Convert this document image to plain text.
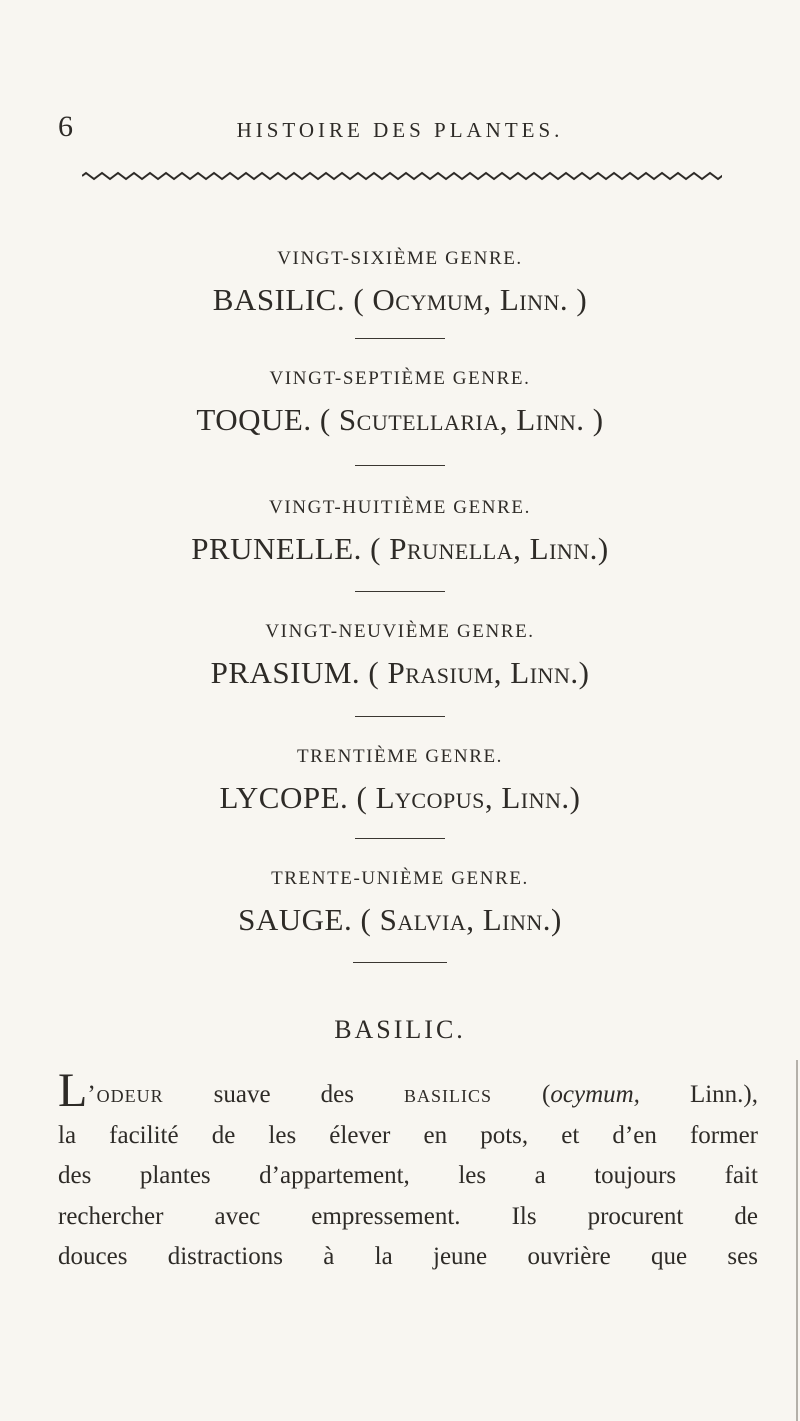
6	HISTOIRE DES PLANTES.
VINGT-SIXIÈME GENRE.
BASILIC. ( Ocymum, Linn. )
VINGT-SEPTIÈME GENRE.
TOQUE. ( Scutellaria, Linn. )
VINGT-HUITIÈME GENRE.
PRUNELLE. ( Prunella, Linn.)
VINGT-NEUVIÈME GENRE.
PRASIUM. ( Prasium, Linn.)
TRENTIÈME GENRE.
LYCOPE. ( Lycopus, Linn.)
TRENTE-UNIÈME GENRE.
SAUGE. ( Salvia, Linn.)
BASILIC.
L’odeur suave des basilics (ocymum, Linn.),
la facilité de les élever en pots, et d’en former
des plantes d’appartement, les a toujours fait
rechercher avec empressement. Ils procurent de
douces distractions à la jeune ouvrière que ses
